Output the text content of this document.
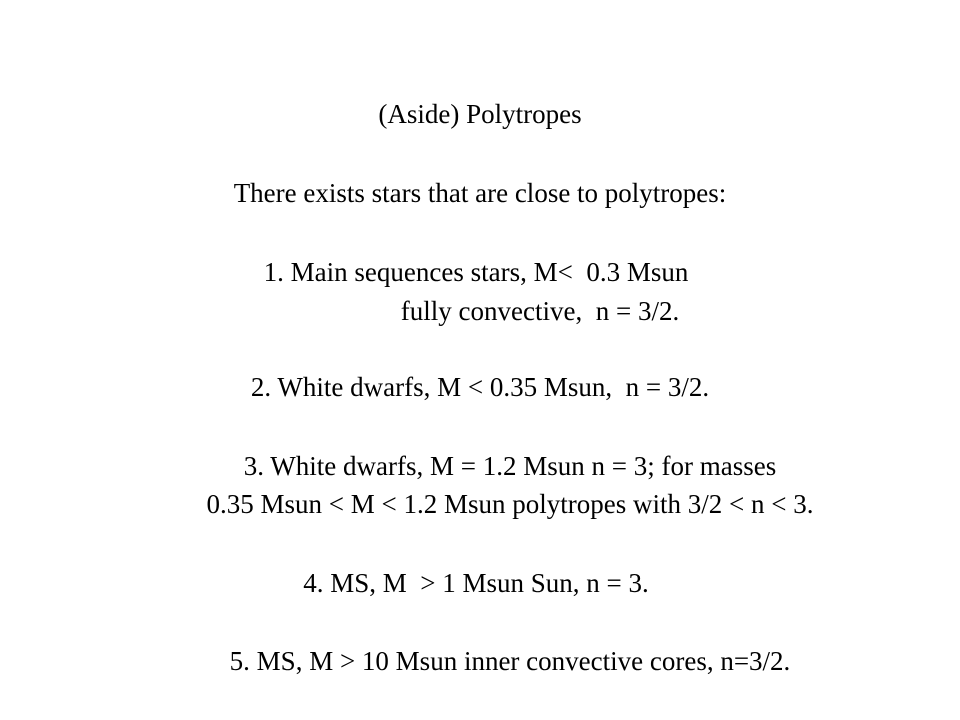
(Aside) Polytropes
There exists stars that are close to polytropes:
1. Main sequences stars, M<  0.3 Msun
fully convective,  n = 3/2.
2. White dwarfs, M < 0.35 Msun,  n = 3/2.
3. White dwarfs, M = 1.2 Msun n = 3; for masses
0.35 Msun < M < 1.2 Msun polytropes with 3/2 < n < 3.
4. MS, M  > 1 Msun Sun, n = 3.
5. MS, M > 10 Msun inner convective cores, n=3/2.
